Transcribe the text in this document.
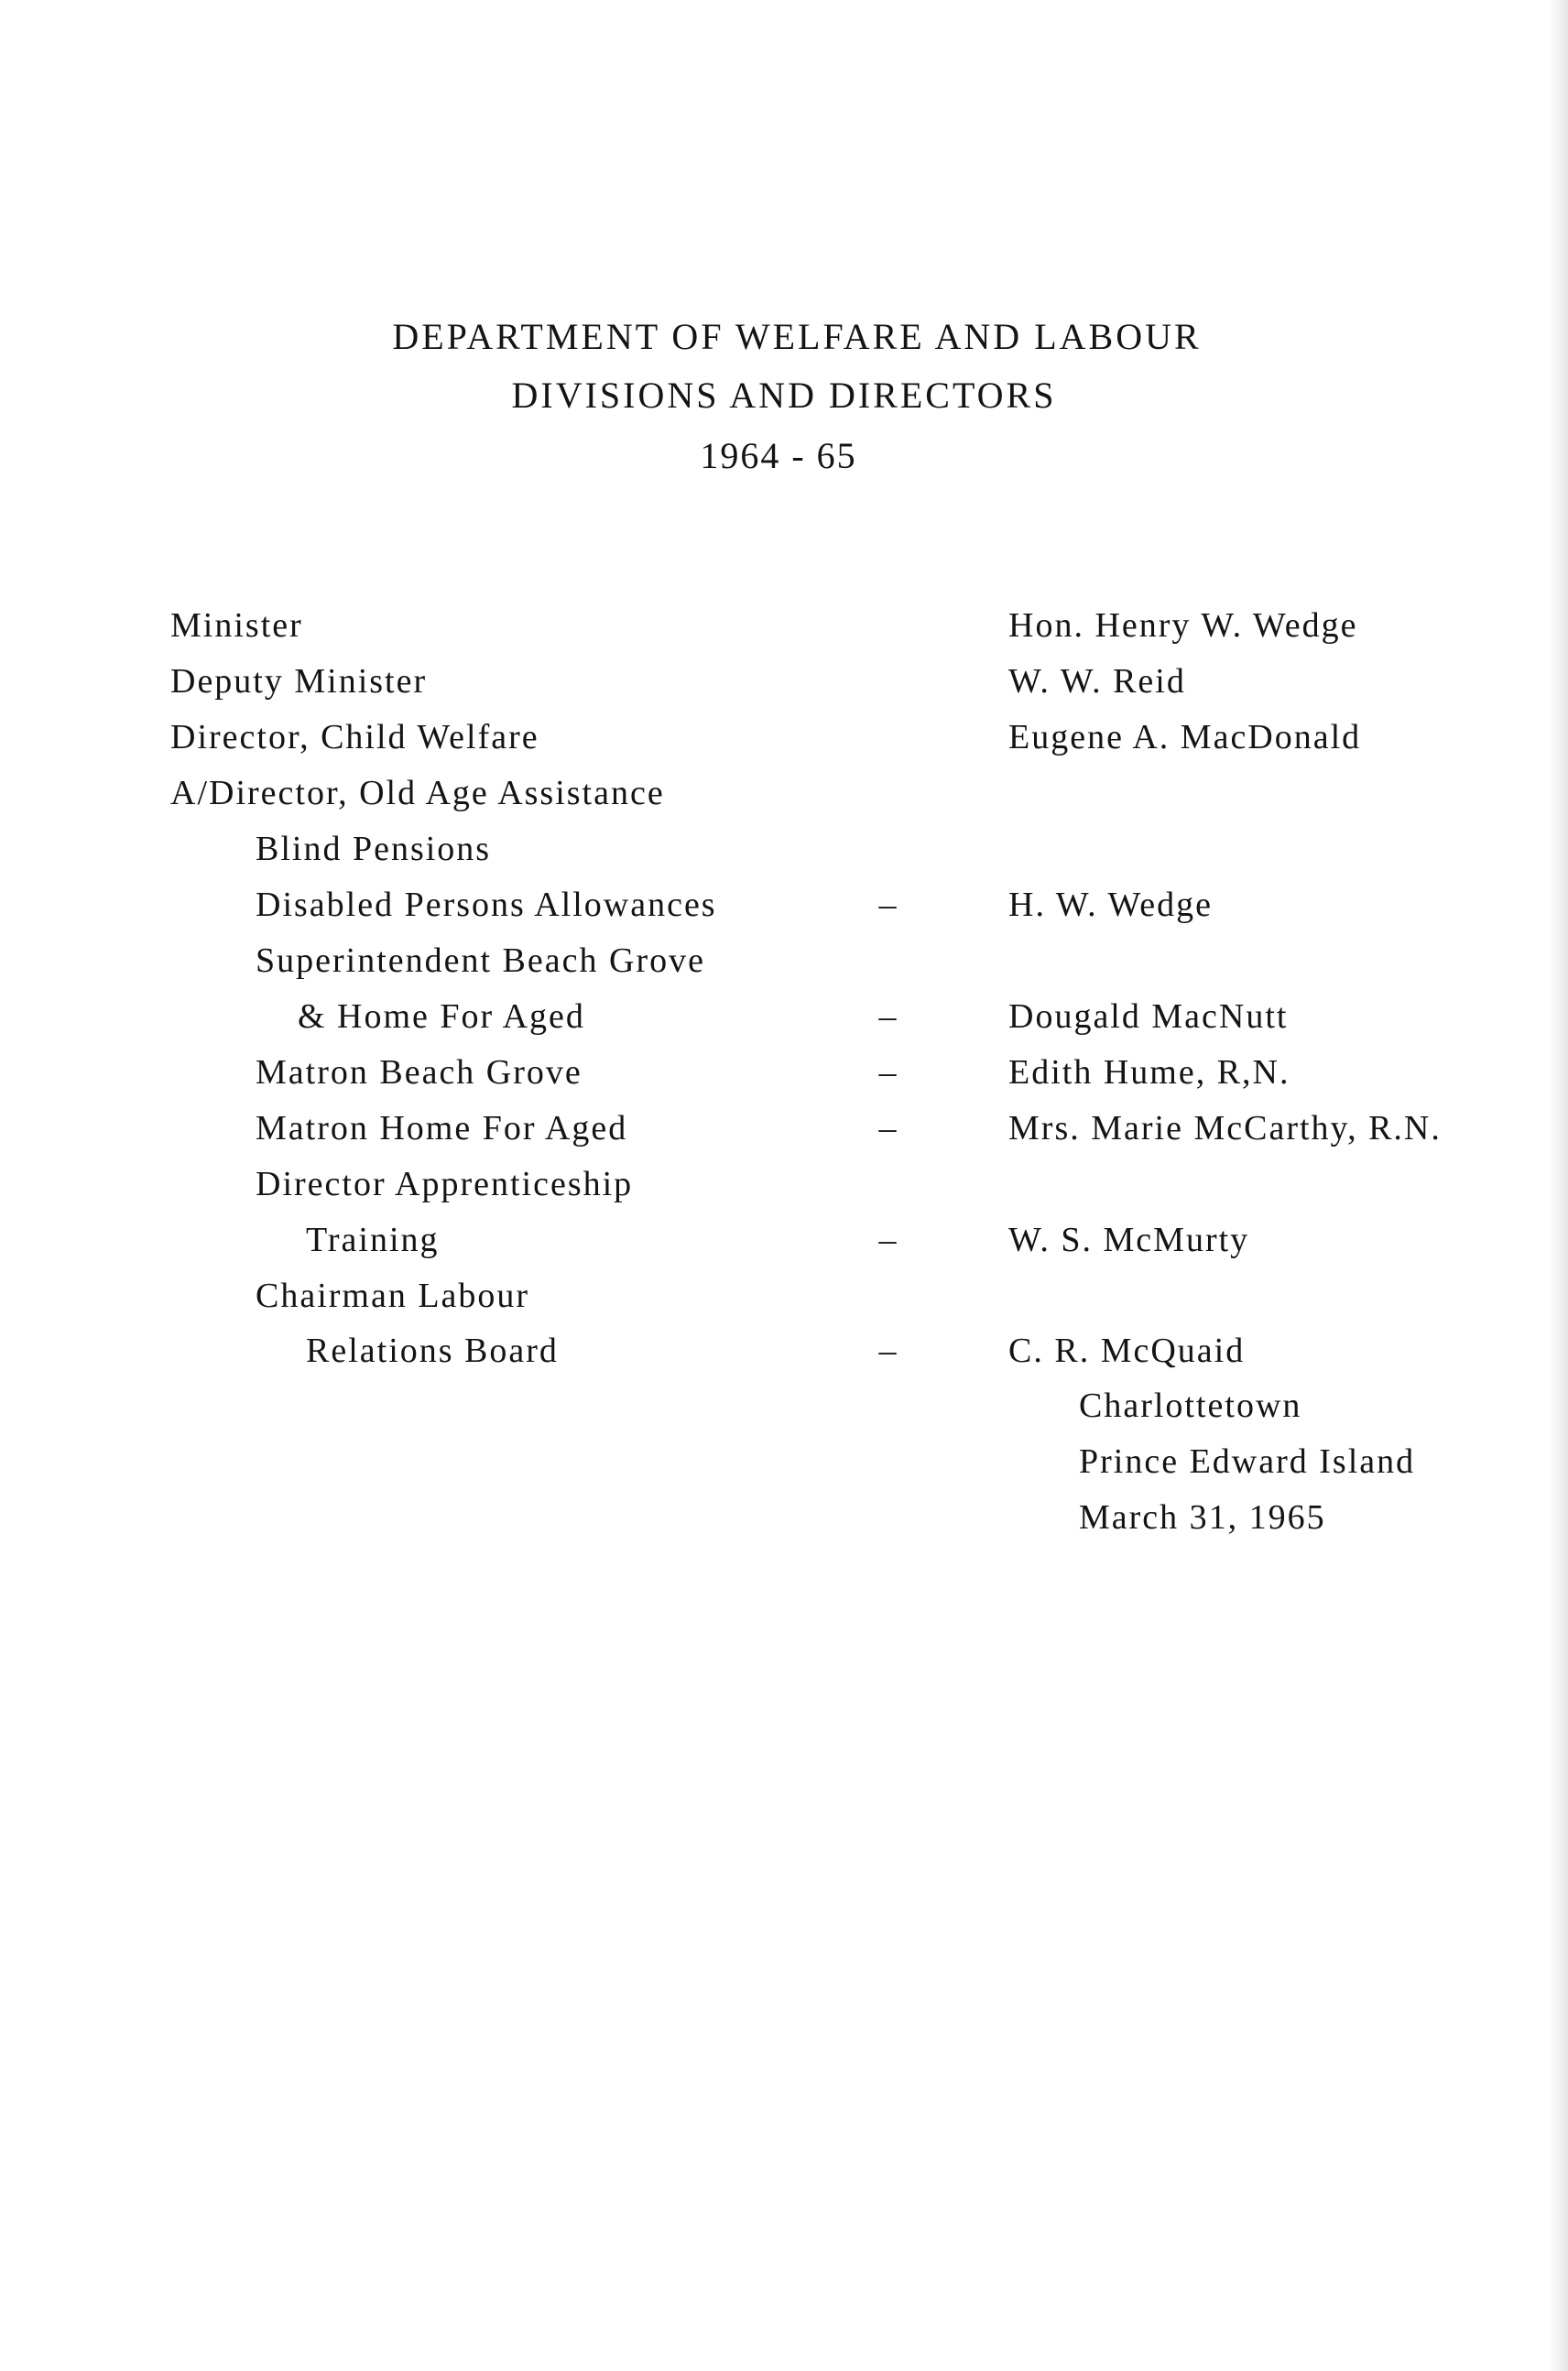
DEPARTMENT OF WELFARE AND LABOUR
DIVISIONS AND DIRECTORS
1964 - 65
Minister	Hon. Henry W. Wedge
Deputy Minister	W. W. Reid
Director, Child Welfare	Eugene A. MacDonald
A/Director, Old Age Assistance
Blind Pensions
Disabled Persons Allowances	–	H. W. Wedge
Superintendent Beach Grove
& Home For Aged	–	Dougald MacNutt
Matron Beach Grove	–	Edith Hume, R,N.
Matron Home For Aged	–	Mrs. Marie McCarthy, R.N.
Director Apprenticeship
Training	–	W. S. McMurty
Chairman Labour
Relations Board	–	C. R. McQuaid
Charlottetown
Prince Edward Island
March 31, 1965
